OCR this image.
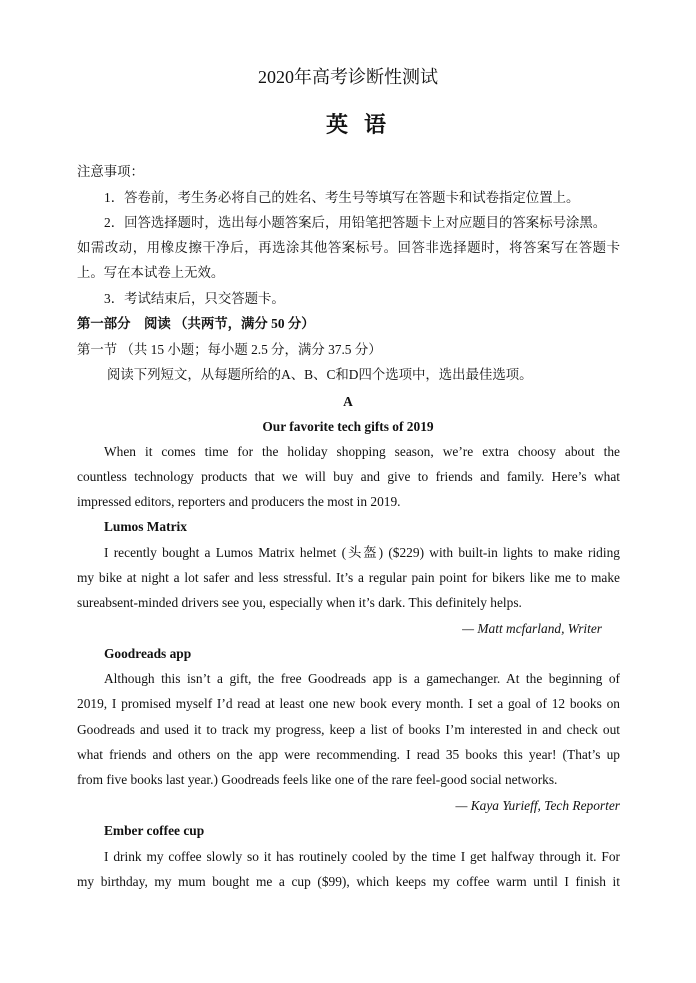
2020年高考诊断性测试
英语
注意事项：
1．答卷前，考生务必将自己的姓名、考生号等填写在答题卡和试卷指定位置上。
2．回答选择题时，选出每小题答案后，用铅笔把答题卡上对应题目的答案标号涂黑。
如需改动，用橡皮擦干净后，再选涂其他答案标号。回答非选择题时，将答案写在答题卡
上。写在本试卷上无效。
3．考试结束后，只交答题卡。
第一部分　阅读 （共两节，满分 50 分）
第一节 （共 15 小题；每小题 2.5 分，满分 37.5 分）
阅读下列短文，从每题所给的A、B、C和D四个选项中，选出最佳选项。
A
Our favorite tech gifts of 2019
When it comes time for the holiday shopping season, we’re extra choosy about the
countless technology products that we will buy and give to friends and family. Here’s what
impressed editors, reporters and producers the most in 2019.
Lumos Matrix
I recently bought a Lumos Matrix helmet (头盔) ($229) with built-in lights to make riding
my bike at night a lot safer and less stressful. It’s a regular pain point for bikers like me to make
sureabsent-minded drivers see you, especially when it’s dark. This definitely helps.
— Matt mcfarland, Writer
Goodreads app
Although this isn’t a gift, the free Goodreads app is a gamechanger. At the beginning of
2019, I promised myself I’d read at least one new book every month. I set a goal of 12 books on
Goodreads and used it to track my progress, keep a list of books I’m interested in and check out
what friends and others on the app were recommending. I read 35 books this year! (That’s up
from five books last year.) Goodreads feels like one of the rare feel-good social networks.
— Kaya Yurieff, Tech Reporter
Ember coffee cup
I drink my coffee slowly so it has routinely cooled by the time I get halfway through it. For
my birthday, my mum bought me a cup ($99), which keeps my coffee warm until I finish it
